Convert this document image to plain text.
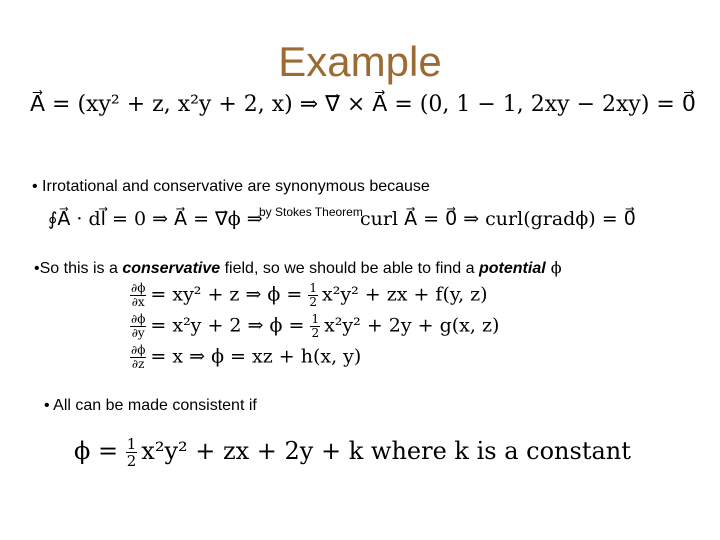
Example
A⃗ = (xy² + z, x²y + 2, x) ⇒ ∇⃗ × A⃗ = (0, 1 − 1, 2xy − 2xy) = 0⃗
• Irrotational and conservative are synonymous because
by Stokes Theorem
∮A⃗ · dl⃗ = 0 ⇒ A⃗ = ∇⃗ϕ ⇒	curl A⃗ = 0⃗ ⇒ curl(gradϕ) = 0⃗
•So this is a conservative field, so we should be able to find a potential ϕ
$\frac{\partial\phi}{\partial x} = xy^2 + z$ ⇒ $\phi = \frac{1}{2} x^2y^2$ + zx + f(y, z)
$\frac{\partial\phi}{\partial y} = x^2y + 2$ ⇒ $\phi = \frac{1}{2} x^2y^2 + 2y + g(x$, z)
$\frac{\partial\phi}{\partial z} = x$ ⇒ ϕ = xz + h(x, y)
• All can be made consistent if
$\phi = \frac{1}{2} x^2y^2$ + zx + 2y + k where k is a constant
